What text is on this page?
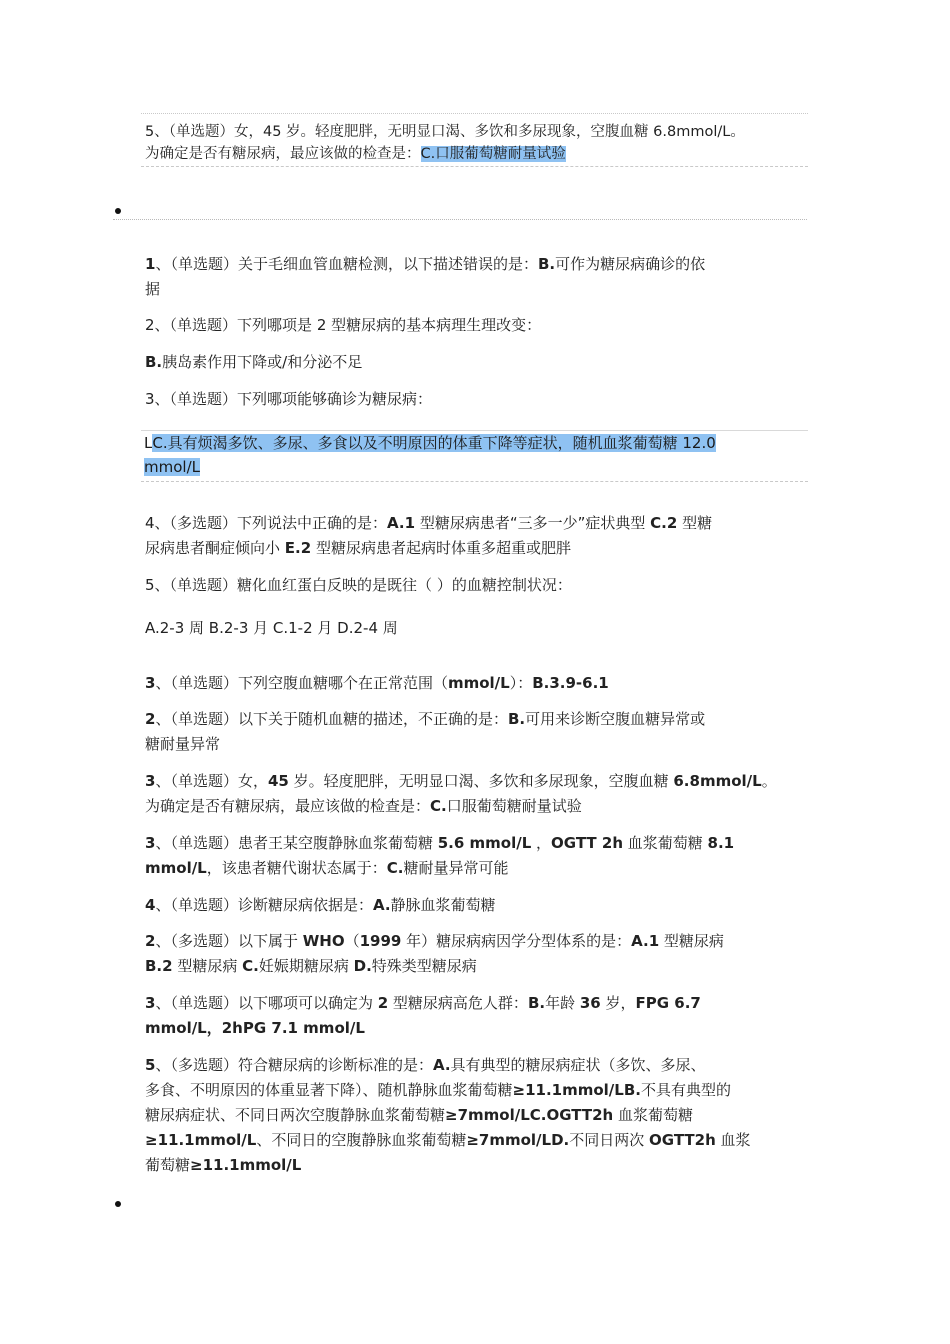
5、（单选题）女，45 岁。轻度肥胖，无明显口渴、多饮和多尿现象，空腹血糖 6.8mmol/L。
为确定是否有糖尿病，最应该做的检查是：C.口服葡萄糖耐量试验
1、（单选题）关于毛细血管血糖检测，以下描述错误的是：B.可作为糖尿病确诊的依
据
2、（单选题）下列哪项是 2 型糖尿病的基本病理生理改变：
B.胰岛素作用下降或/和分泌不足
3、（单选题）下列哪项能够确诊为糖尿病：
LC.具有烦渴多饮、多尿、多食以及不明原因的体重下降等症状，随机血浆葡萄糖 12.0
mmol/L
4、（多选题）下列说法中正确的是：A.1 型糖尿病患者“三多一少”症状典型 C.2 型糖
尿病患者酮症倾向小 E.2 型糖尿病患者起病时体重多超重或肥胖
5、（单选题）糖化血红蛋白反映的是既往（ ）的血糖控制状况：
A.2-3 周 B.2-3 月 C.1-2 月 D.2-4 周
3、（单选题）下列空腹血糖哪个在正常范围（mmol/L）：B.3.9-6.1
2、（单选题）以下关于随机血糖的描述，不正确的是：B.可用来诊断空腹血糖异常或
糖耐量异常
3、（单选题）女，45 岁。轻度肥胖，无明显口渴、多饮和多尿现象，空腹血糖 6.8mmol/L。
为确定是否有糖尿病，最应该做的检查是：C.口服葡萄糖耐量试验
3、（单选题）患者王某空腹静脉血浆葡萄糖 5.6 mmol/L ，OGTT 2h 血浆葡萄糖 8.1
mmol/L，该患者糖代谢状态属于：C.糖耐量异常可能
4、（单选题）诊断糖尿病依据是：A.静脉血浆葡萄糖
2、（多选题）以下属于 WHO（1999 年）糖尿病病因学分型体系的是：A.1 型糖尿病
B.2 型糖尿病 C.妊娠期糖尿病 D.特殊类型糖尿病
3、（单选题）以下哪项可以确定为 2 型糖尿病高危人群：B.年龄 36 岁，FPG 6.7
mmol/L，2hPG 7.1 mmol/L
5、（多选题）符合糖尿病的诊断标准的是：A.具有典型的糖尿病症状（多饮、多尿、
多食、不明原因的体重显著下降）、随机静脉血浆葡萄糖≥11.1mmol/LB.不具有典型的
糖尿病症状、不同日两次空腹静脉血浆葡萄糖≥7mmol/LC.OGTT2h 血浆葡萄糖
≥11.1mmol/L、不同日的空腹静脉血浆葡萄糖≥7mmol/LD.不同日两次 OGTT2h 血浆
葡萄糖≥11.1mmol/L
